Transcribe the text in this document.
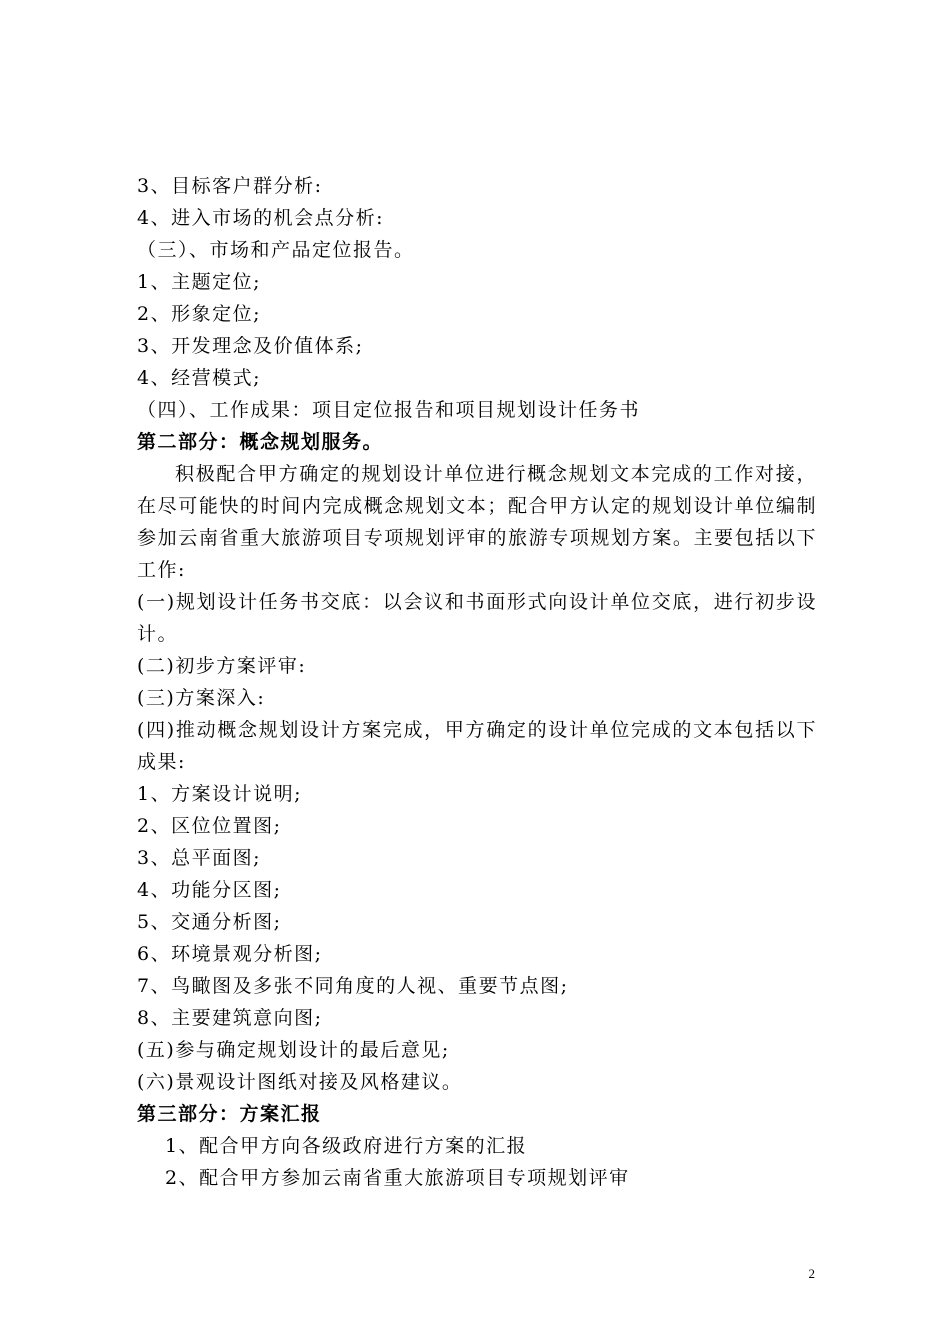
3、目标客户群分析:
4、进入市场的机会点分析:
（三）、市场和产品定位报告。
1、主题定位;
2、形象定位;
3、开发理念及价值体系;
4、经营模式;
（四）、工作成果：项目定位报告和项目规划设计任务书
第二部分：概念规划服务。

积极配合甲方确定的规划设计单位进行概念规划文本完成的工作对接，在尽可能快的时间内完成概念规划文本；配合甲方认定的规划设计单位编制参加云南省重大旅游项目专项规划评审的旅游专项规划方案。主要包括以下工作:

(一)规划设计任务书交底：以会议和书面形式向设计单位交底，进行初步设计。

(二)初步方案评审:
(三)方案深入:

(四)推动概念规划设计方案完成，甲方确定的设计单位完成的文本包括以下成果:

1、方案设计说明;
2、区位位置图;
3、总平面图;
4、功能分区图;
5、交通分析图;
6、环境景观分析图;
7、鸟瞰图及多张不同角度的人视、重要节点图;
8、主要建筑意向图;
(五)参与确定规划设计的最后意见;
(六)景观设计图纸对接及风格建议。
第三部分：方案汇报
1、配合甲方向各级政府进行方案的汇报
2、配合甲方参加云南省重大旅游项目专项规划评审
2
